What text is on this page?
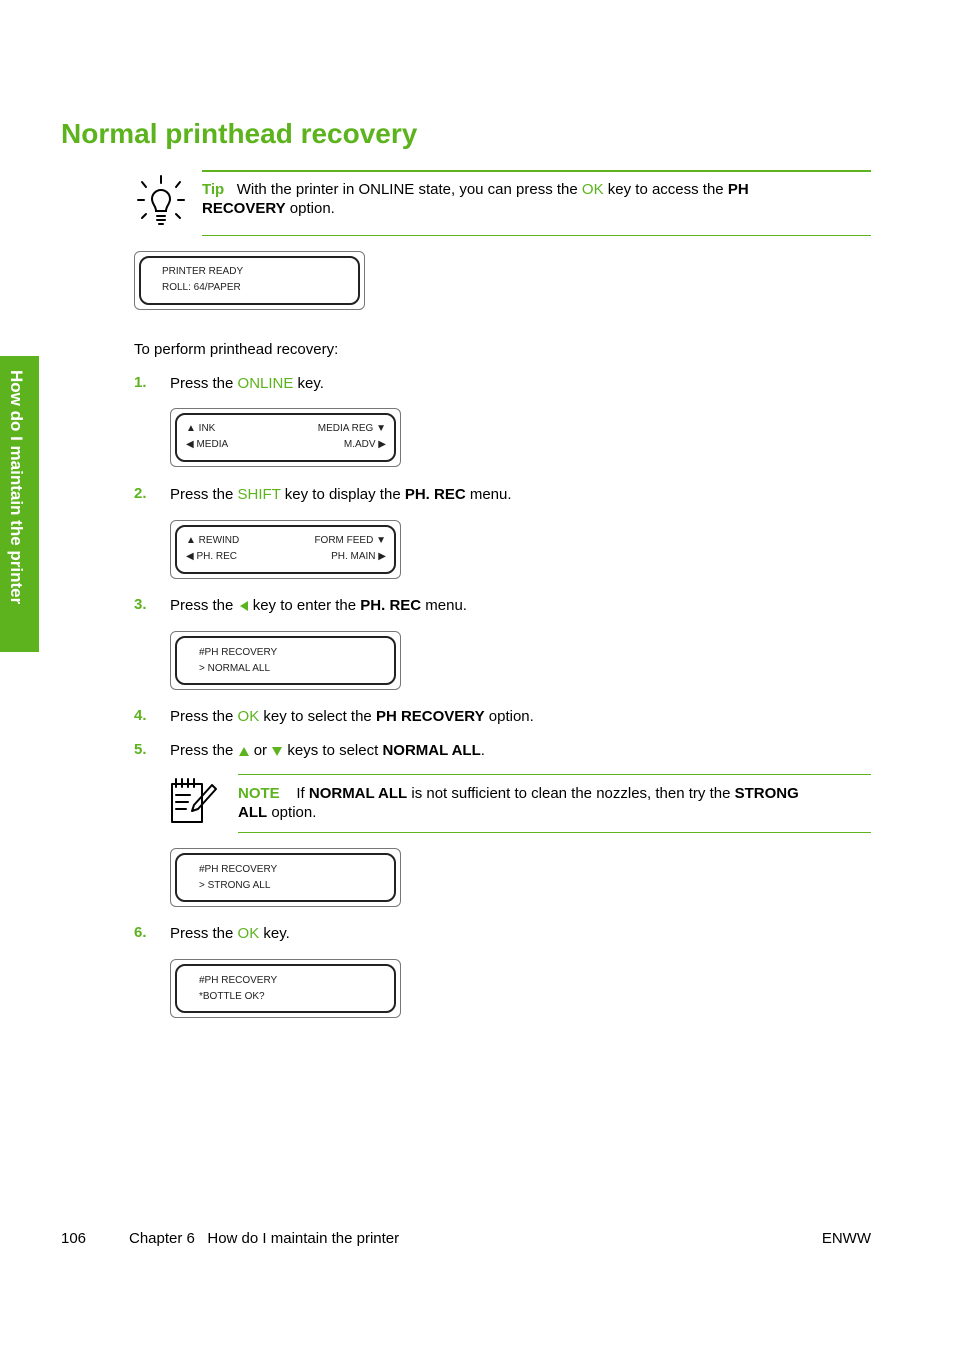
Normal printhead recovery
How do I maintain the printer
Tip With the printer in ONLINE state, you can press the OK key to access the PH
RECOVERY option.
PRINTER READY
ROLL: 64/PAPER
To perform printhead recovery:
1. Press the ONLINE key.
▲ INK
◀ MEDIA
MEDIA REG ▼
M.ADV ▶
2. Press the SHIFT key to display the PH. REC menu.
▲ REWIND
◀ PH. REC
FORM FEED ▼
PH. MAIN ▶
3. Press the  key to enter the PH. REC menu.
#PH RECOVERY
> NORMAL ALL
4. Press the OK key to select the PH RECOVERY option.
5. Press the  or  keys to select NORMAL ALL.
NOTE If NORMAL ALL is not sufficient to clean the nozzles, then try the STRONG
ALL option.
#PH RECOVERY
> STRONG ALL
6. Press the OK key.
#PH RECOVERY
*BOTTLE OK?
106	Chapter 6   How do I maintain the printer	ENWW
